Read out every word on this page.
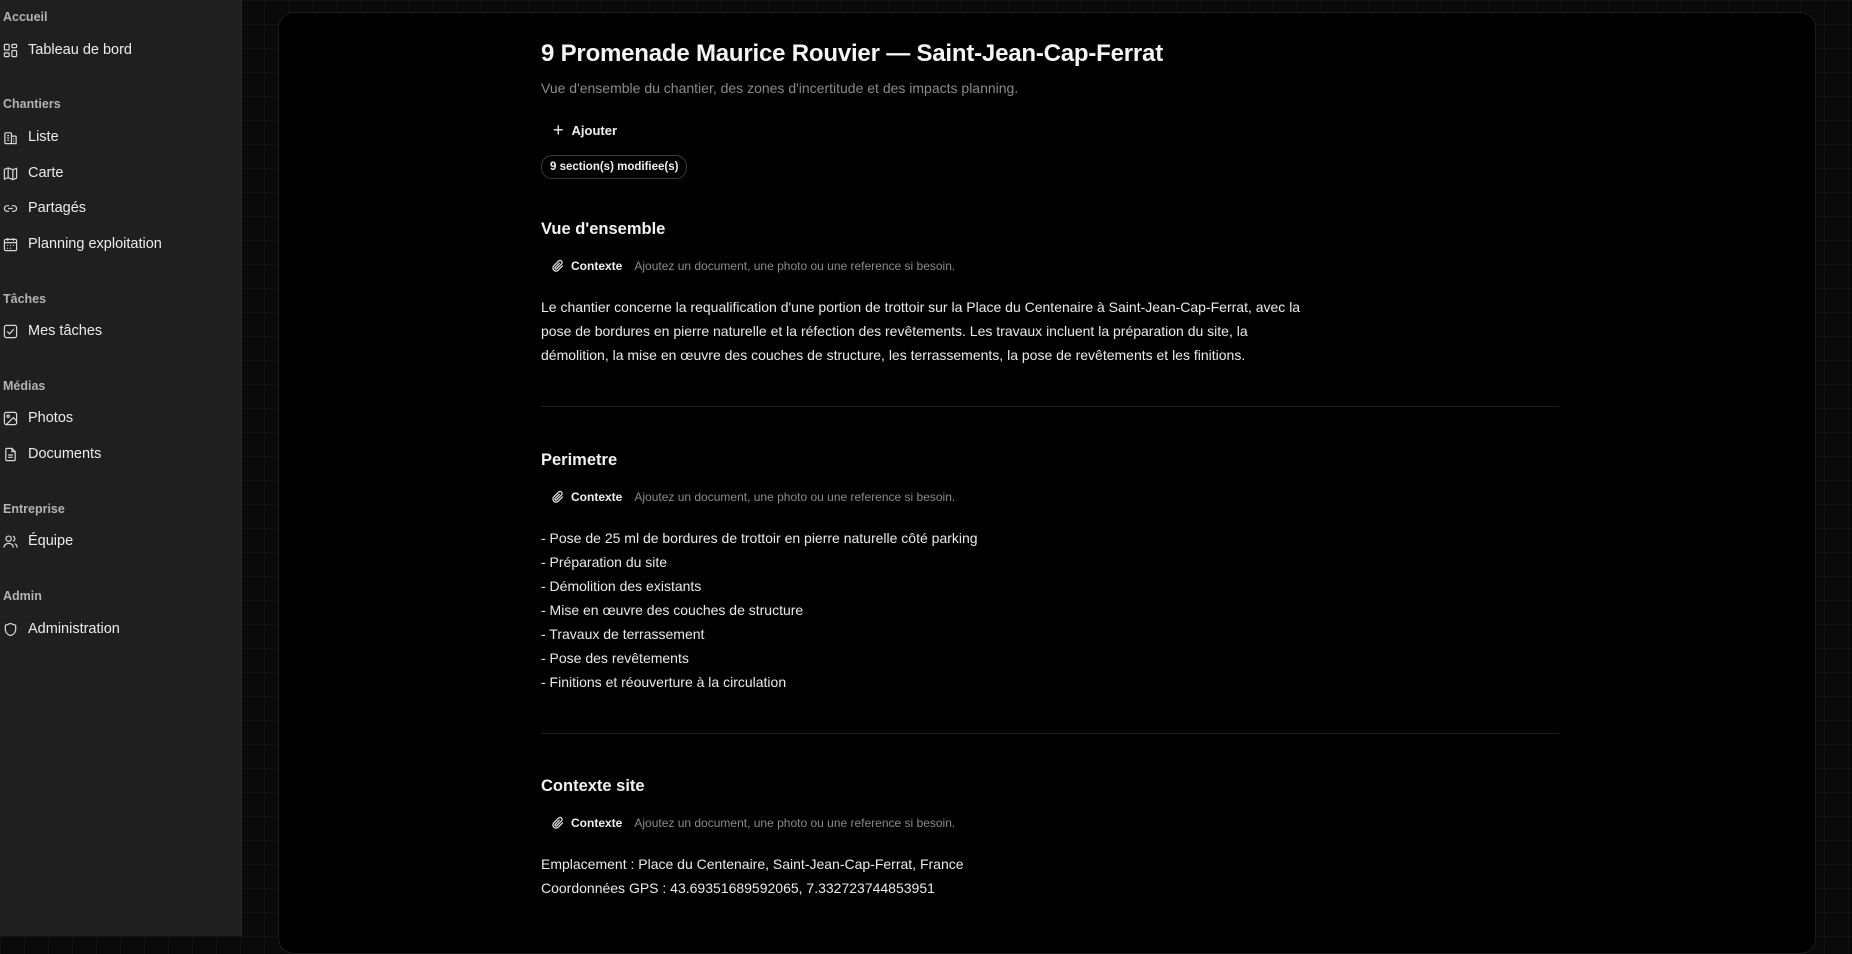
Accueil
Tableau de bord
Chantiers
Liste
Carte
Partagés
Planning exploitation
Tâches
Mes tâches
Médias
Photos
Documents
Entreprise
Équipe
Admin
Administration
9 Promenade Maurice Rouvier — Saint-Jean-Cap-Ferrat
Vue d'ensemble du chantier, des zones d'incertitude et des impacts planning.
+ Ajouter
9 section(s) modifiee(s)
Vue d'ensemble
Contexte Ajoutez un document, une photo ou une reference si besoin.
Le chantier concerne la requalification d'une portion de trottoir sur la Place du Centenaire à Saint-Jean-Cap-Ferrat, avec la
pose de bordures en pierre naturelle et la réfection des revêtements. Les travaux incluent la préparation du site, la
démolition, la mise en œuvre des couches de structure, les terrassements, la pose de revêtements et les finitions.
Perimetre
Contexte Ajoutez un document, une photo ou une reference si besoin.
- Pose de 25 ml de bordures de trottoir en pierre naturelle côté parking
- Préparation du site
- Démolition des existants
- Mise en œuvre des couches de structure
- Travaux de terrassement
- Pose des revêtements
- Finitions et réouverture à la circulation
Contexte site
Contexte Ajoutez un document, une photo ou une reference si besoin.
Emplacement : Place du Centenaire, Saint-Jean-Cap-Ferrat, France
Coordonnées GPS : 43.69351689592065, 7.332723744853951
